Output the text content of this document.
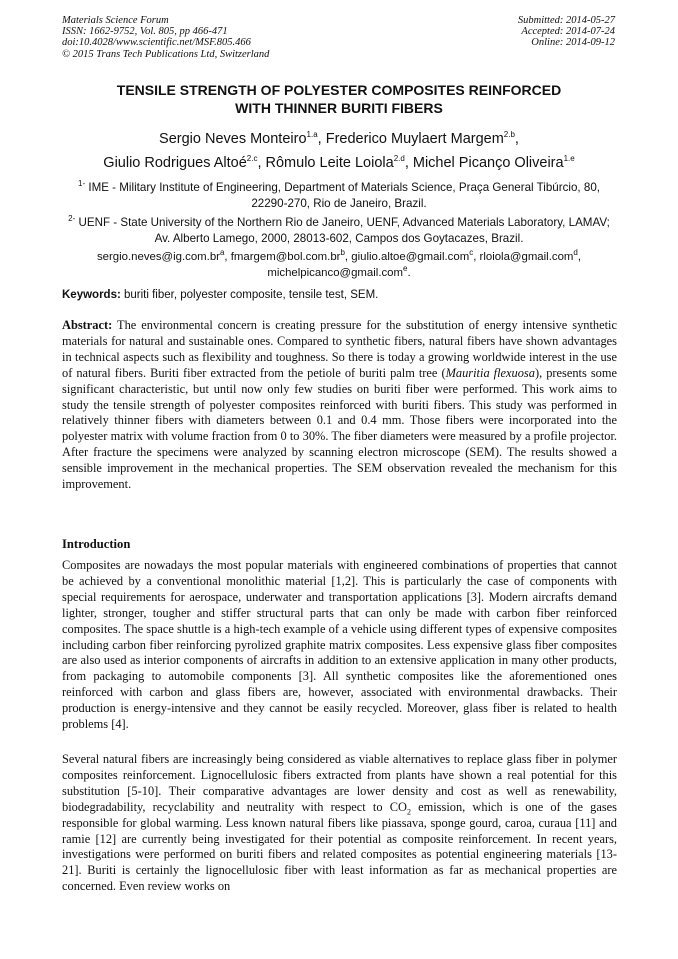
Materials Science Forum
ISSN: 1662-9752, Vol. 805, pp 466-471
doi:10.4028/www.scientific.net/MSF.805.466
© 2015 Trans Tech Publications Ltd, Switzerland
Submitted: 2014-05-27
Accepted: 2014-07-24
Online: 2014-09-12
TENSILE STRENGTH OF POLYESTER COMPOSITES REINFORCED
WITH THINNER BURITI FIBERS
Sergio Neves Monteiro$^{1.a}$, Frederico Muylaert Margem$^{2.b}$,
Giulio Rodrigues Altoé$^{2.c}$, Rômulo Leite Loiola$^{2.d}$, Michel Picanço Oliveira$^{1.e}$
$^{1-}$ IME - Military Institute of Engineering, Department of Materials Science, Praça General Tibúrcio, 80, 22290-270, Rio de Janeiro, Brazil.
$^{2-}$ UENF - State University of the Northern Rio de Janeiro, UENF, Advanced Materials Laboratory, LAMAV; Av. Alberto Lamego, 2000, 28013-602, Campos dos Goytacazes, Brazil.
$sergio.neves@ig.com.br^a$, $fmargem@bol.com.br^b$, giulio.altoe@gmail.com$^c$, rloiola@gmail.com$^d$,
michelpicanco@gmail.com$^e$.
Keywords: buriti fiber, polyester composite, tensile test, SEM.
Abstract: The environmental concern is creating pressure for the substitution of energy intensive synthetic materials for natural and sustainable ones. Compared to synthetic fibers, natural fibers have shown advantages in technical aspects such as flexibility and toughness. So there is today a growing worldwide interest in the use of natural fibers. Buriti fiber extracted from the petiole of buriti palm tree (Mauritia flexuosa), presents some significant characteristic, but until now only few studies on buriti fiber were performed. This work aims to study the tensile strength of polyester composites reinforced with buriti fibers. This study was performed in relatively thinner fibers with diameters between 0.1 and 0.4 mm. Those fibers were incorporated into the polyester matrix with volume fraction from 0 to 30%. The fiber diameters were measured by a profile projector. After fracture the specimens were analyzed by scanning electron microscope (SEM). The results showed a sensible improvement in the mechanical properties. The SEM observation revealed the mechanism for this improvement.
Introduction
Composites are nowadays the most popular materials with engineered combinations of properties that cannot be achieved by a conventional monolithic material [1,2]. This is particularly the case of components with special requirements for aerospace, underwater and transportation applications [3]. Modern aircrafts demand lighter, stronger, tougher and stiffer structural parts that can only be made with carbon fiber reinforced composites. The space shuttle is a high-tech example of a vehicle using different types of expensive composites including carbon fiber reinforcing pyrolized graphite matrix composites. Less expensive glass fiber composites are also used as interior components of aircrafts in addition to an extensive application in many other products, from packaging to automobile components [3]. All synthetic composites like the aforementioned ones reinforced with carbon and glass fibers are, however, associated with environmental drawbacks. Their production is energy-intensive and they cannot be easily recycled. Moreover, glass fiber is related to health problems [4].
Several natural fibers are increasingly being considered as viable alternatives to replace glass fiber in polymer composites reinforcement. Lignocellulosic fibers extracted from plants have shown a real potential for this substitution [5-10]. Their comparative advantages are lower density and cost as well as renewability, biodegradability, recyclability and neutrality with respect to $CO_2$ emission, which is one of the gases responsible for global warming. Less known natural fibers like piassava, sponge gourd, caroa, curaua [11] and ramie [12] are currently being investigated for their potential as composite reinforcement. In recent years, investigations were performed on buriti fibers and related composites as potential engineering materials [13-21]. Buriti is certainly the lignocellulosic fiber with least information as far as mechanical properties are concerned. Even review works on
